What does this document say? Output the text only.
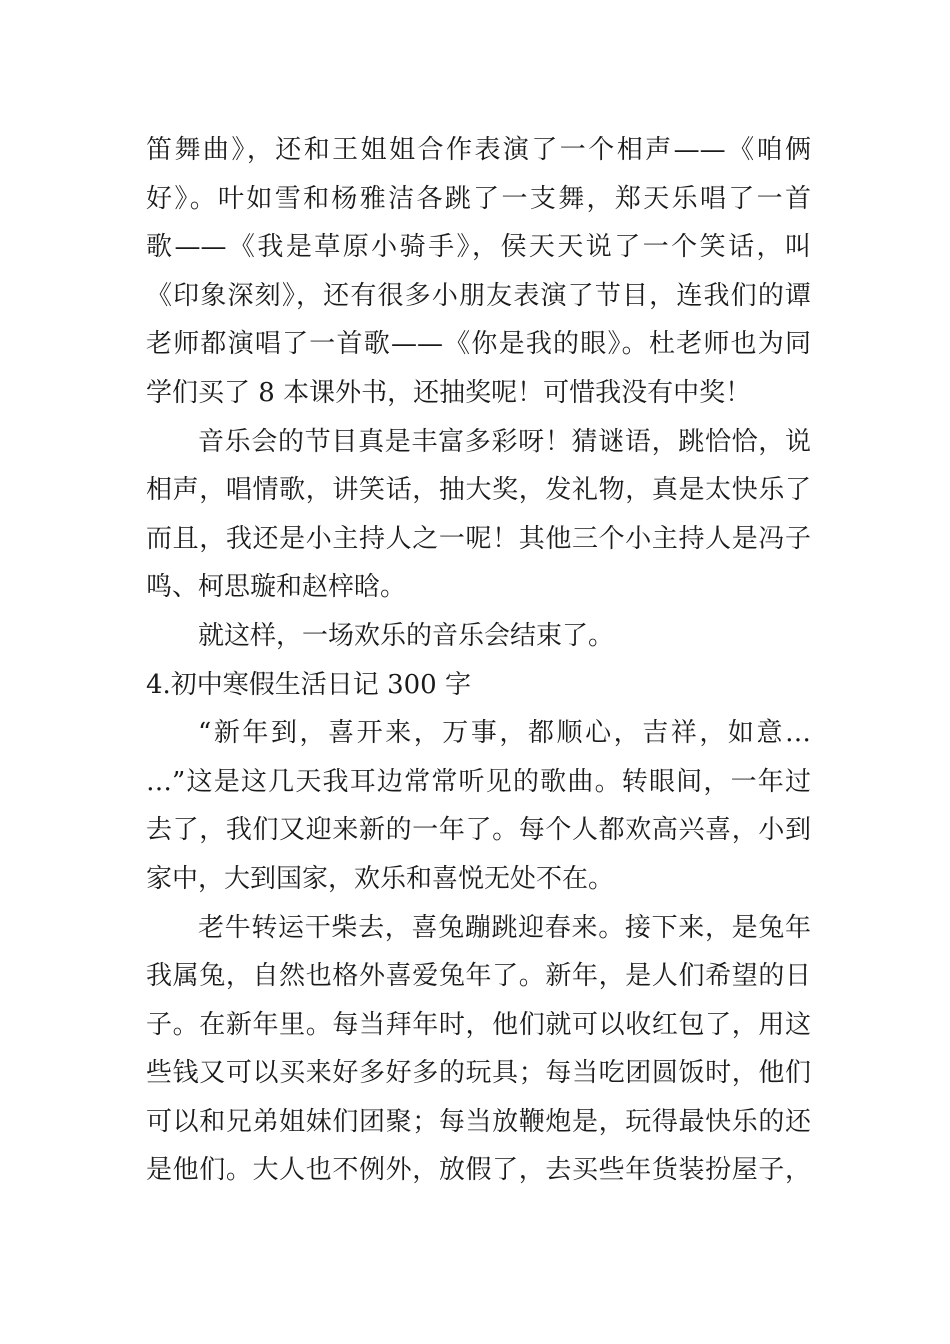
笛舞曲》，还和王姐姐合作表演了一个相声——《咱俩
好》。叶如雪和杨雅洁各跳了一支舞，郑天乐唱了一首
歌——《我是草原小骑手》，侯天天说了一个笑话，叫
《印象深刻》，还有很多小朋友表演了节目，连我们的谭
老师都演唱了一首歌——《你是我的眼》。杜老师也为同
学们买了 8 本课外书，还抽奖呢！可惜我没有中奖！
音乐会的节目真是丰富多彩呀！猜谜语，跳恰恰，说
相声，唱情歌，讲笑话，抽大奖，发礼物，真是太快乐了
而且，我还是小主持人之一呢！其他三个小主持人是冯子
鸣、柯思璇和赵梓晗。
就这样，一场欢乐的音乐会结束了。
4.初中寒假生活日记 300 字
“新年到，喜开来，万事，都顺心，吉祥，如意…
…”这是这几天我耳边常常听见的歌曲。转眼间，一年过
去了，我们又迎来新的一年了。每个人都欢高兴喜，小到
家中，大到国家，欢乐和喜悦无处不在。
老牛转运干柴去，喜兔蹦跳迎春来。接下来，是兔年
我属兔，自然也格外喜爱兔年了。新年，是人们希望的日
子。在新年里。每当拜年时，他们就可以收红包了，用这
些钱又可以买来好多好多的玩具；每当吃团圆饭时，他们
可以和兄弟姐妹们团聚；每当放鞭炮是，玩得最快乐的还
是他们。大人也不例外，放假了，去买些年货装扮屋子，
